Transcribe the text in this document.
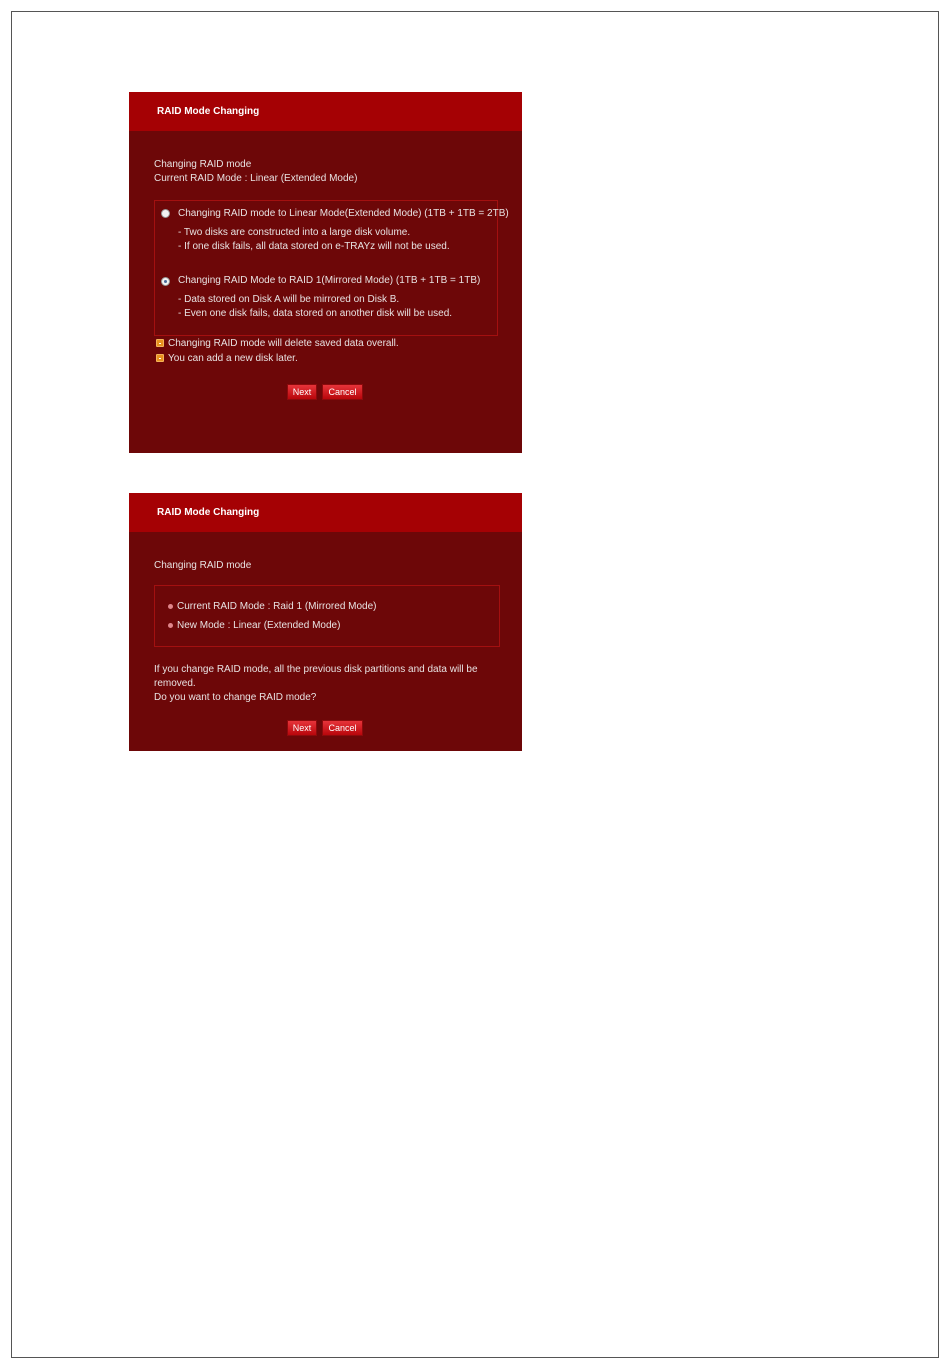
RAID Mode Changing
Changing RAID mode
Current RAID Mode : Linear (Extended Mode)
Changing RAID mode to Linear Mode(Extended Mode) (1TB + 1TB = 2TB)
- Two disks are constructed into a large disk volume.
- If one disk fails, all data stored on e-TRAYz will not be used.
Changing RAID Mode to RAID 1(Mirrored Mode) (1TB + 1TB = 1TB)
- Data stored on Disk A will be mirrored on Disk B.
- Even one disk fails, data stored on another disk will be used.
Changing RAID mode will delete saved data overall.
You can add a new disk later.
Next	Cancel
RAID Mode Changing
Changing RAID mode
Current RAID Mode : Raid 1 (Mirrored Mode)
New Mode : Linear (Extended Mode)
If you change RAID mode, all the previous disk partitions and data will be
removed.
Do you want to change RAID mode?
Next	Cancel
